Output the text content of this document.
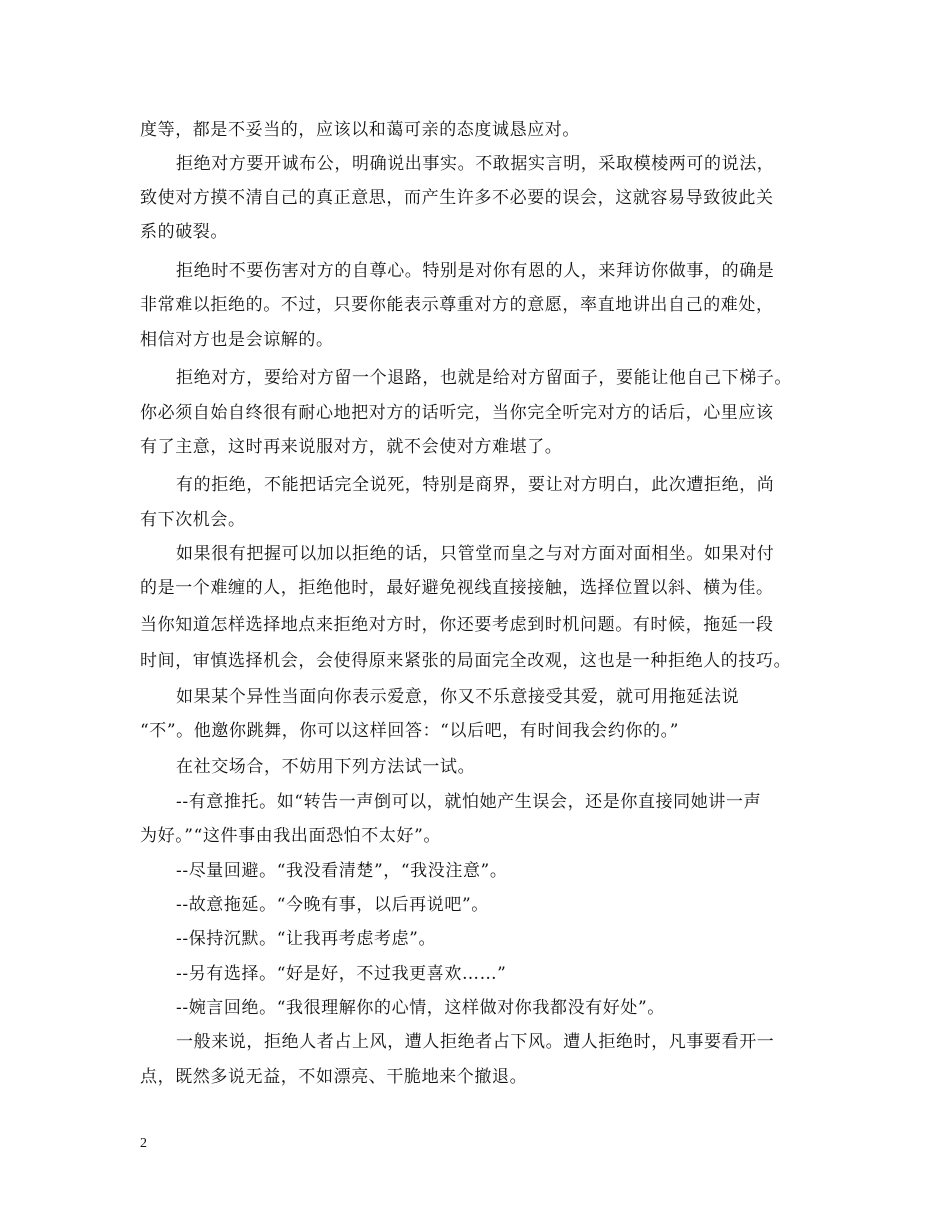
度等，都是不妥当的，应该以和蔼可亲的态度诚恳应对。
拒绝对方要开诚布公，明确说出事实。不敢据实言明，采取模棱两可的说法，
致使对方摸不清自己的真正意思，而产生许多不必要的误会，这就容易导致彼此关
系的破裂。
拒绝时不要伤害对方的自尊心。特别是对你有恩的人，来拜访你做事，的确是
非常难以拒绝的。不过，只要你能表示尊重对方的意愿，率直地讲出自己的难处，
相信对方也是会谅解的。
拒绝对方，要给对方留一个退路，也就是给对方留面子，要能让他自己下梯子。
你必须自始自终很有耐心地把对方的话听完，当你完全听完对方的话后，心里应该
有了主意，这时再来说服对方，就不会使对方难堪了。
有的拒绝，不能把话完全说死，特别是商界，要让对方明白，此次遭拒绝，尚
有下次机会。
如果很有把握可以加以拒绝的话，只管堂而皇之与对方面对面相坐。如果对付
的是一个难缠的人，拒绝他时，最好避免视线直接接触，选择位置以斜、横为佳。
当你知道怎样选择地点来拒绝对方时，你还要考虑到时机问题。有时候，拖延一段
时间，审慎选择机会，会使得原来紧张的局面完全改观，这也是一种拒绝人的技巧。
如果某个异性当面向你表示爱意，你又不乐意接受其爱，就可用拖延法说
“不”。他邀你跳舞，你可以这样回答：“以后吧，有时间我会约你的。”
在社交场合，不妨用下列方法试一试。
--有意推托。如“转告一声倒可以，就怕她产生误会，还是你直接同她讲一声
为好。”“这件事由我出面恐怕不太好”。
--尽量回避。“我没看清楚”，“我没注意”。
--故意拖延。“今晚有事，以后再说吧”。
--保持沉默。“让我再考虑考虑”。
--另有选择。“好是好，不过我更喜欢……”
--婉言回绝。“我很理解你的心情，这样做对你我都没有好处”。
一般来说，拒绝人者占上风，遭人拒绝者占下风。遭人拒绝时，凡事要看开一
点，既然多说无益，不如漂亮、干脆地来个撤退。
2
